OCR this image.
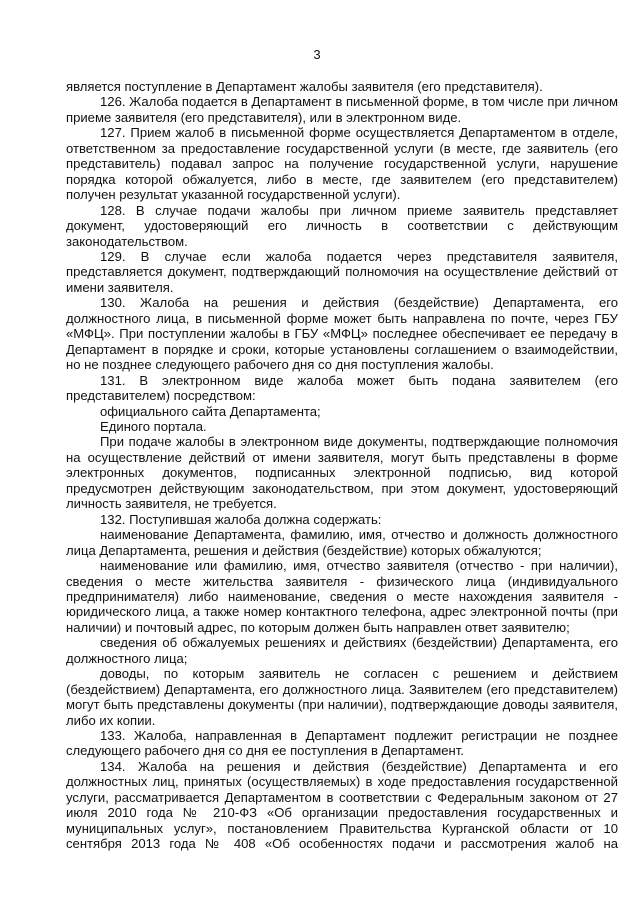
3

является поступление в Департамент жалобы заявителя (его представителя).

126. Жалоба подается в Департамент в письменной форме, в том числе при личном приеме заявителя (его представителя), или в электронном виде.

127. Прием жалоб в письменной форме осуществляется Департаментом в отделе, ответственном за предоставление государственной услуги (в месте, где заявитель (его представитель) подавал запрос на получение государственной услуги, нарушение порядка которой обжалуется, либо в месте, где заявителем (его представителем) получен результат указанной государственной услуги).

128. В случае подачи жалобы при личном приеме заявитель представляет документ, удостоверяющий его личность в соответствии с действующим законодательством.

129. В случае если жалоба подается через представителя заявителя, представляется документ, подтверждающий полномочия на осуществление действий от имени заявителя.

130. Жалоба на решения и действия (бездействие) Департамента, его должностного лица, в письменной форме может быть направлена по почте, через ГБУ «МФЦ». При поступлении жалобы в ГБУ «МФЦ» последнее обеспечивает ее передачу в Департамент в порядке и сроки, которые установлены соглашением о взаимодействии, но не позднее следующего рабочего дня со дня поступления жалобы.

131. В электронном виде жалоба может быть подана заявителем (его представителем) посредством:

официального сайта Департамента;

Единого портала.

При подаче жалобы в электронном виде документы, подтверждающие полномочия на осуществление действий от имени заявителя, могут быть представлены в форме электронных документов, подписанных электронной подписью, вид которой предусмотрен действующим законодательством, при этом документ, удостоверяющий личность заявителя, не требуется.

132. Поступившая жалоба должна содержать:

наименование Департамента, фамилию, имя, отчество и должность должностного лица Департамента, решения и действия (бездействие) которых обжалуются;

наименование или фамилию, имя, отчество заявителя (отчество - при наличии), сведения о месте жительства заявителя - физического лица (индивидуального предпринимателя) либо наименование, сведения о месте нахождения заявителя - юридического лица, а также номер контактного телефона, адрес электронной почты (при наличии) и почтовый адрес, по которым должен быть направлен ответ заявителю;

сведения об обжалуемых решениях и действиях (бездействии) Департамента, его должностного лица;

доводы, по которым заявитель не согласен с решением и действием (бездействием) Департамента, его должностного лица. Заявителем (его представителем) могут быть представлены документы (при наличии), подтверждающие доводы заявителя, либо их копии.

133. Жалоба, направленная в Департамент подлежит регистрации не позднее следующего рабочего дня со дня ее поступления в Департамент.

134. Жалоба на решения и действия (бездействие) Департамента и его должностных лиц, принятых (осуществляемых) в ходе предоставления государственной услуги, рассматривается Департаментом в соответствии с Федеральным законом от 27 июля 2010 года № 210-ФЗ «Об организации предоставления государственных и муниципальных услуг», постановлением Правительства Курганской области от 10 сентября 2013 года № 408 «Об особенностях подачи и рассмотрения жалоб на
